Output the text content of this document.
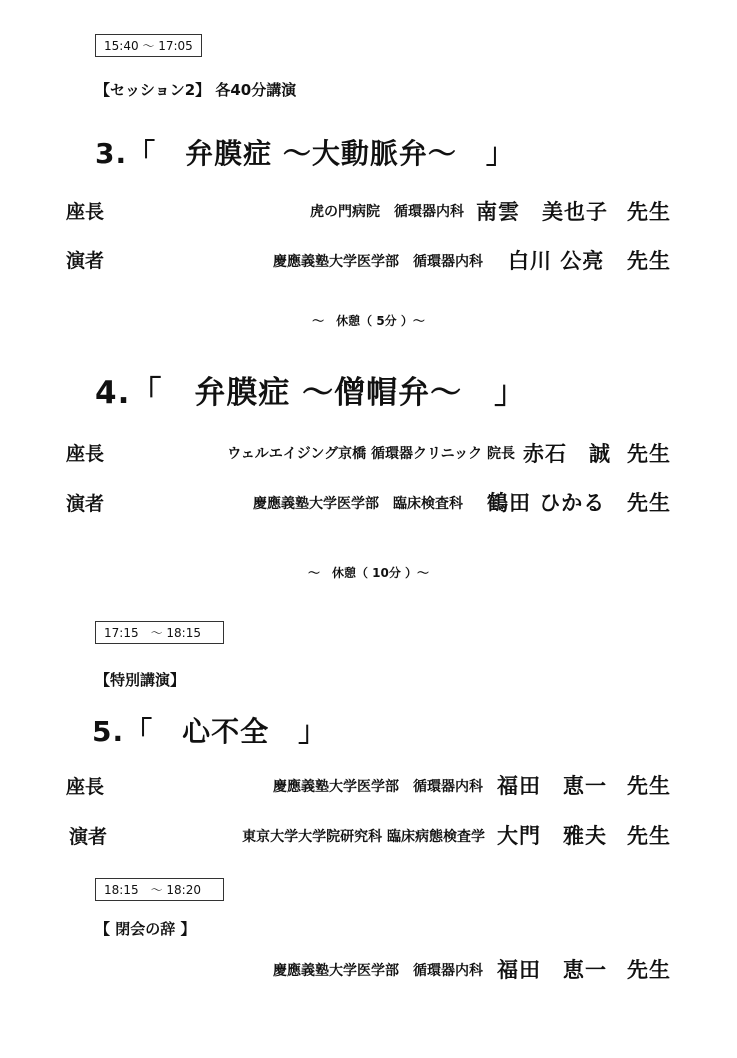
15:40 ～ 17:05
【セッション2】 各40分講演
3.「　弁膜症 ～大動脈弁～　」
座長	虎の門病院　循環器内科 南雲　美也子 先生
演者	慶應義塾大学医学部　循環器内科 白川 公亮 先生
～　休憩（ 5分 ）～
4.「　弁膜症 ～僧帽弁～　」
座長	ウェルエイジング京橋 循環器クリニック 院長 赤石　誠 先生
演者	慶應義塾大学医学部　臨床検査科 鶴田 ひかる 先生
～　休憩（ 10分 ）～
17:15　～ 18:15
【特別講演】
5.「　心不全　」
座長	慶應義塾大学医学部　循環器内科 福田　恵一 先生
演者	東京大学大学院研究科 臨床病態検査学 大門　雅夫 先生
18:15　～ 18:20
【 閉会の辞 】
慶應義塾大学医学部　循環器内科 福田　恵一 先生
